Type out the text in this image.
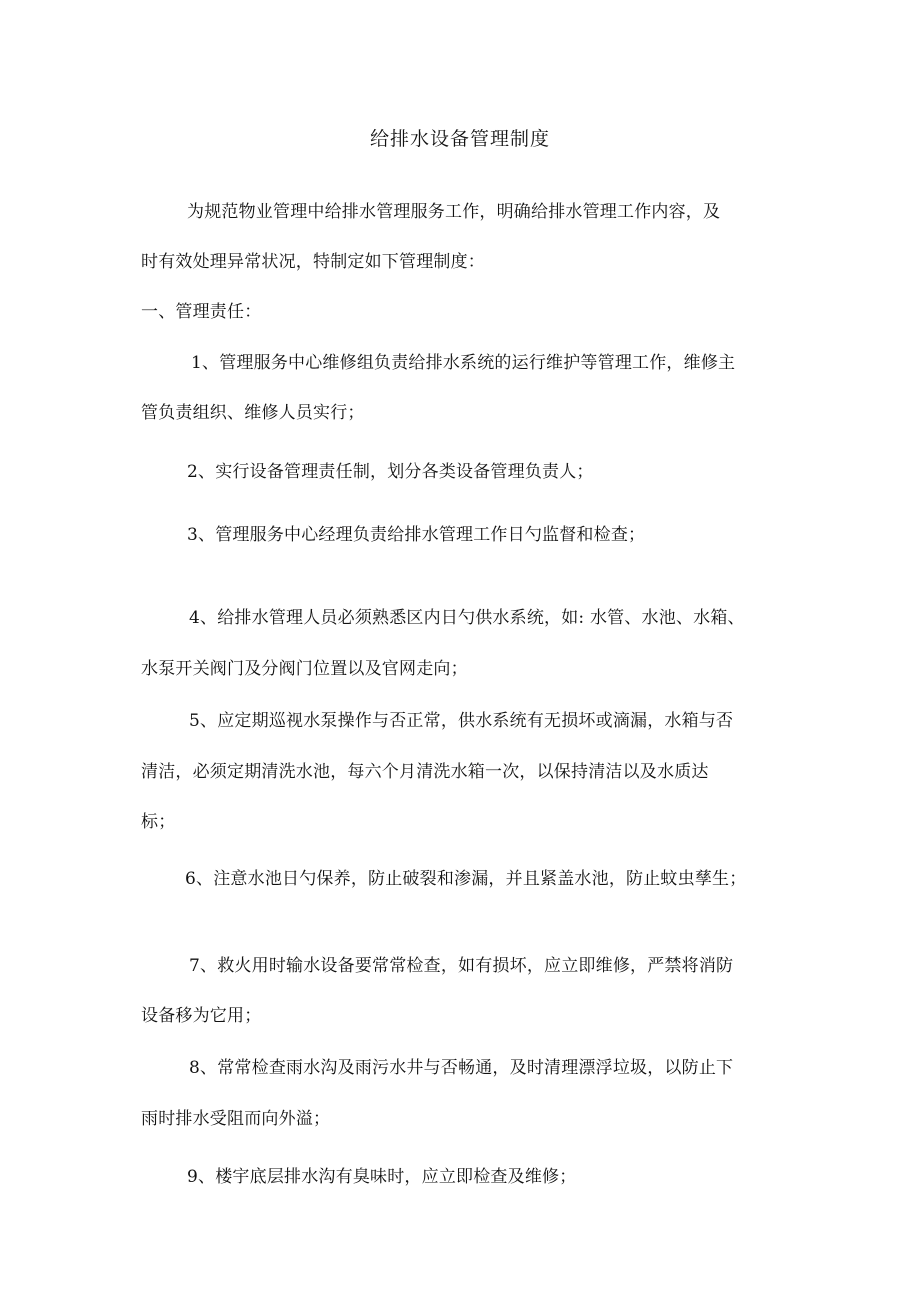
给排水设备管理制度
为规范物业管理中给排水管理服务工作，明确给排水管理工作内容，及
时有效处理异常状况，特制定如下管理制度：
一、管理责任：
1、管理服务中心维修组负责给排水系统的运行维护等管理工作，维修主
管负责组织、维修人员实行；
2、实行设备管理责任制，划分各类设备管理负责人；
3、管理服务中心经理负责给排水管理工作日勺监督和检查；
4、给排水管理人员必须熟悉区内日勺供水系统，如: 水管、水池、水箱、
水泵开关阀门及分阀门位置以及官网走向；
5、应定期巡视水泵操作与否正常，供水系统有无损坏或滴漏，水箱与否
清洁，必须定期清洗水池，每六个月清洗水箱一次，以保持清洁以及水质达
标；
6、注意水池日勺保养，防止破裂和渗漏，并且紧盖水池，防止蚊虫孳生；
7、救火用时输水设备要常常检查，如有损坏，应立即维修，严禁将消防
设备移为它用；
8、常常检查雨水沟及雨污水井与否畅通，及时清理漂浮垃圾，以防止下
雨时排水受阻而向外溢；
9、楼宇底层排水沟有臭味时，应立即检查及维修；
